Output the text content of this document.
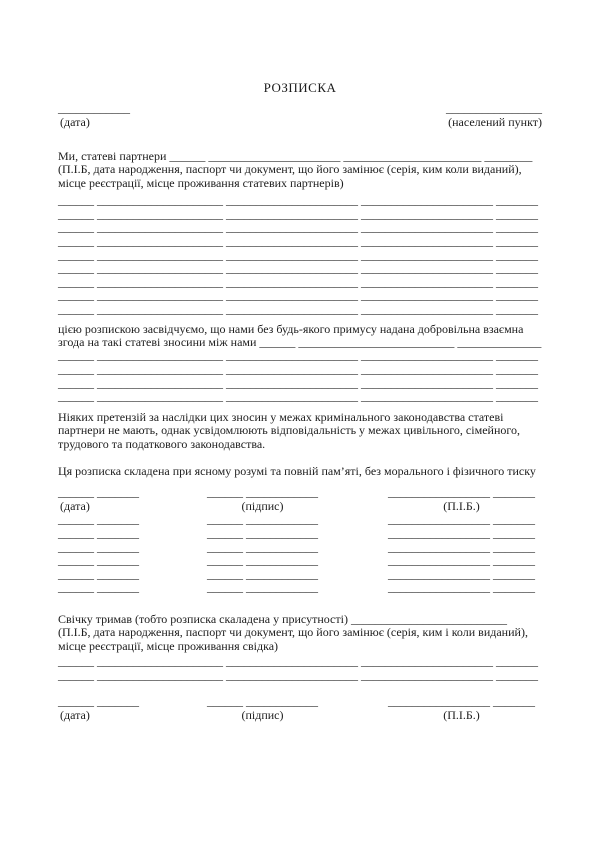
РОЗПИСКА
____________	________________
(дата)	(населений пункт)
Ми, статеві партнери ______ ______________________ _______________________ ________
(П.І.Б, дата народження, паспорт чи документ, що його замінює (серія, ким коли виданий),
місце реєстрації, місце проживання статевих партнерів)
______ _____________________ ______________________ ______________________ _______
______ _____________________ ______________________ ______________________ _______
______ _____________________ ______________________ ______________________ _______
______ _____________________ ______________________ ______________________ _______
______ _____________________ ______________________ ______________________ _______
______ _____________________ ______________________ ______________________ _______
______ _____________________ ______________________ ______________________ _______
______ _____________________ ______________________ ______________________ _______
______ _____________________ ______________________ ______________________ _______
цією розпискою засвідчуємо, що нами без будь-якого примусу надана добровільна взаємна
згода на такі статеві зносини між нами ______ __________________________ ______________
______ _____________________ ______________________ ______________________ _______
______ _____________________ ______________________ ______________________ _______
______ _____________________ ______________________ ______________________ _______
______ _____________________ ______________________ ______________________ _______
Ніяких претензій за наслідки цих зносин у межах кримінального законодавства статеві
партнери не мають, однак усвідомлюють відповідальність у межах цивільного, сімейного,
трудового та податкового законодавства.
Ця розписка складена при ясному розумі та повній пам’яті, без морального і фізичного тиску
______ _______
(дата)
______ _______
______ _______
______ _______
______ _______
______ _______
______ _______
______ ____________
(підпис)
______ ____________
______ ____________
______ ____________
______ ____________
______ ____________
______ ____________
_________________ _______
(П.І.Б.)
_________________ _______
_________________ _______
_________________ _______
_________________ _______
_________________ _______
_________________ _______
Свічку тримав (тобто розписка скаладена у присутності) __________________________
(П.І.Б, дата народження, паспорт чи документ, що його замінює (серія, ким і коли виданий),
місце реєстрації, місце проживання свідка)
______ _____________________ ______________________ ______________________ _______
______ _____________________ ______________________ ______________________ _______
______ _______
(дата)
______ ____________
(підпис)
_________________ _______
(П.І.Б.)
